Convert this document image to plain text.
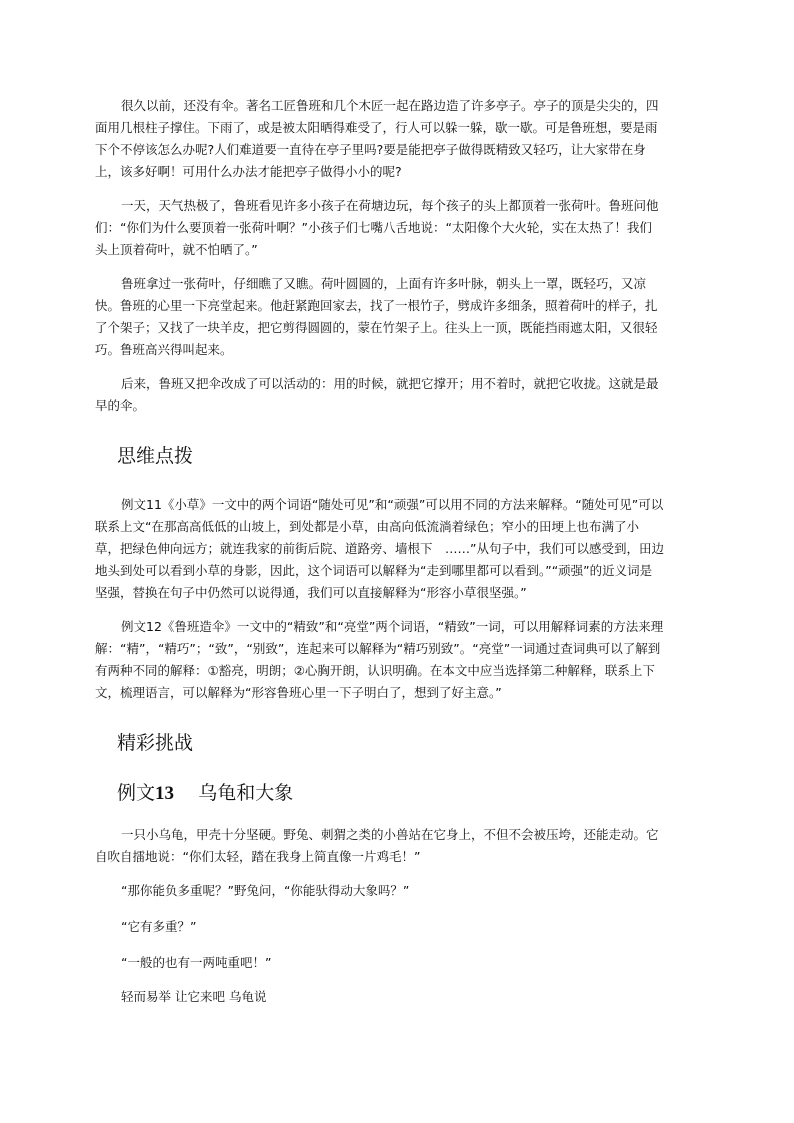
很久以前，还没有伞。著名工匠鲁班和几个木匠一起在路边造了许多亭子。亭子的顶是尖尖的，四
面用几根柱子撑住。下雨了，或是被太阳晒得难受了，行人可以躲一躲，歇一歇。可是鲁班想，要是雨
下个不停该怎么办呢?人们难道要一直待在亭子里吗?要是能把亭子做得既精致又轻巧，让大家带在身
上，该多好啊！可用什么办法才能把亭子做得小小的呢?

一天，天气热极了，鲁班看见许多小孩子在荷塘边玩，每个孩子的头上都顶着一张荷叶。鲁班问他
们：“你们为什么要顶着一张荷叶啊？”小孩子们七嘴八舌地说：“太阳像个大火轮，实在太热了！我们
头上顶着荷叶，就不怕晒了。”

鲁班拿过一张荷叶，仔细瞧了又瞧。荷叶圆圆的，上面有许多叶脉，朝头上一罩，既轻巧，又凉
快。鲁班的心里一下亮堂起来。他赶紧跑回家去，找了一根竹子，劈成许多细条，照着荷叶的样子，扎
了个架子；又找了一块羊皮，把它剪得圆圆的，蒙在竹架子上。往头上一顶，既能挡雨遮太阳，又很轻
巧。鲁班高兴得叫起来。

后来，鲁班又把伞改成了可以活动的：用的时候，就把它撑开；用不着时，就把它收拢。这就是最
早的伞。

思维点拨

例文11《小草》一文中的两个词语“随处可见”和“顽强”可以用不同的方法来解释。“随处可见”可以
联系上文“在那高高低低的山坡上，到处都是小草，由高向低流淌着绿色；窄小的田埂上也布满了小
草，把绿色伸向远方；就连我家的前街后院、道路旁、墙根下　……”从句子中，我们可以感受到，田边
地头到处可以看到小草的身影，因此，这个词语可以解释为“走到哪里都可以看到。”“顽强”的近义词是
坚强，替换在句子中仍然可以说得通，我们可以直接解释为“形容小草很坚强。”

例文12《鲁班造伞》一文中的“精致”和“亮堂”两个词语，“精致”一词，可以用解释词素的方法来理
解：“精”，“精巧”；“致”，“别致”，连起来可以解释为“精巧别致”。“亮堂”一词通过查词典可以了解到
有两种不同的解释：①豁亮，明朗；②心胸开朗，认识明确。在本文中应当选择第二种解释，联系上下
文，梳理语言，可以解释为“形容鲁班心里一下子明白了，想到了好主意。”

精彩挑战
例文13 乌龟和大象

一只小乌龟，甲壳十分坚硬。野兔、刺猬之类的小兽站在它身上，不但不会被压垮，还能走动。它
自吹自擂地说：“你们太轻，踏在我身上简直像一片鸡毛！”

“那你能负多重呢？”野兔问，“你能驮得动大象吗？”

“它有多重？”

“一般的也有一两吨重吧！”

轻而易举 让它来吧 乌龟说
